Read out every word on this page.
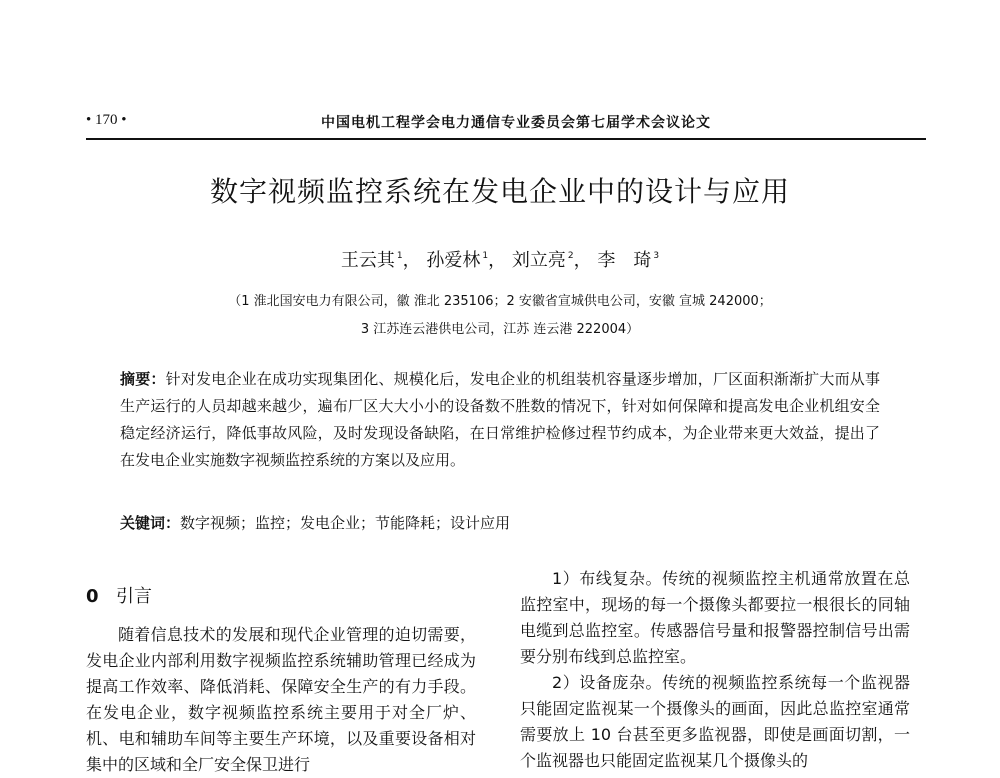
• 170 •	中国电机工程学会电力通信专业委员会第七届学术会议论文
数字视频监控系统在发电企业中的设计与应用
王云其 $^1$， 孙爱林 $^1$， 刘立亮 $^2$， 李　琦 $^3$
（1 淮北国安电力有限公司，徽 淮北 235106；2 安徽省宣城供电公司，安徽 宣城 242000；
3 江苏连云港供电公司，江苏 连云港 222004）
摘要：针对发电企业在成功实现集团化、规模化后，发电企业的机组装机容量逐步增加，厂区面积渐渐扩大而从事生产运行的人员却越来越少，遍布厂区大大小小的设备数不胜数的情况下，针对如何保障和提高发电企业机组安全稳定经济运行，降低事故风险，及时发现设备缺陷，在日常维护检修过程节约成本，为企业带来更大效益，提出了在发电企业实施数字视频监控系统的方案以及应用。
关键词：数字视频；监控；发电企业；节能降耗；设计应用
0 引言

随着信息技术的发展和现代企业管理的迫切需要，发电企业内部利用数字视频监控系统辅助管理已经成为提高工作效率、降低消耗、保障安全生产的有力手段。在发电企业，数字视频监控系统主要用于对全厂炉、机、电和辅助车间等主要生产环境，以及重要设备相对集中的区域和全厂安全保卫进行

1）布线复杂。传统的视频监控主机通常放置在总监控室中，现场的每一个摄像头都要拉一根很长的同轴电缆到总监控室。传感器信号量和报警器控制信号出需要分别布线到总监控室。

2）设备庞杂。传统的视频监控系统每一个监视器只能固定监视某一个摄像头的画面，因此总监控室通常需要放上 10 台甚至更多监视器，即使是画面切割，一个监视器也只能固定监视某几个摄像头的
